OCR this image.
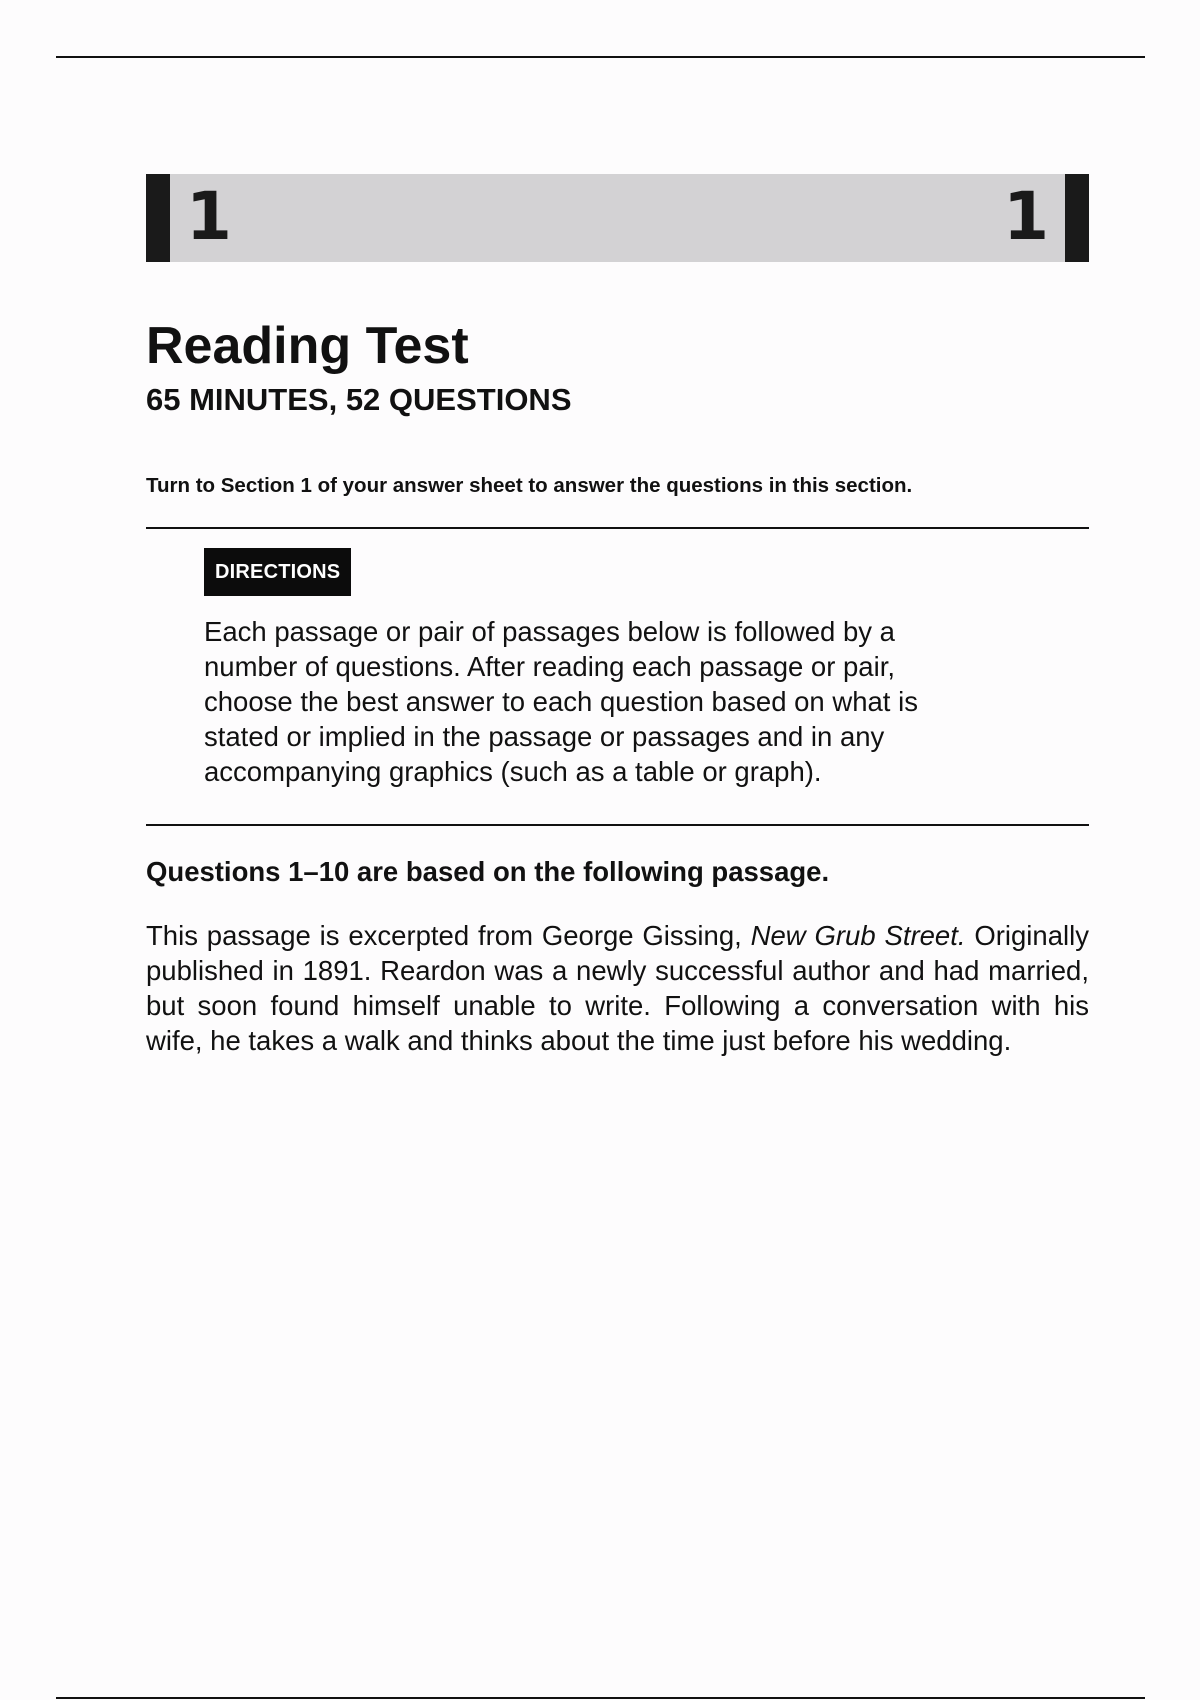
1	1
Reading Test
65 MINUTES, 52 QUESTIONS

Turn to Section 1 of your answer sheet to answer the questions in this section.

DIRECTIONS

Each passage or pair of passages below is followed by a number of questions. After reading each passage or pair, choose the best answer to each question based on what is stated or implied in the passage or passages and in any accompanying graphics (such as a table or graph).

Questions 1–10 are based on the following passage.

This passage is excerpted from George Gissing, New Grub Street. Originally published in 1891. Reardon was a newly successful author and had married, but soon found himself unable to write. Following a conversation with his wife, he takes a walk and thinks about the time just before his wedding.
